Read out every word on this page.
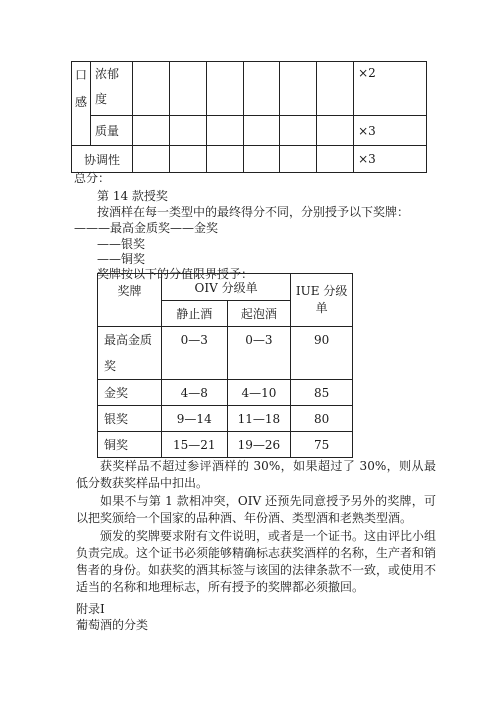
口
感	浓郁
度							×2
	质量							×3
协调性								×3
总分：
第 14 款授奖
按酒样在每一类型中的最终得分不同，分别授予以下奖牌：
———最高金质奖——金奖
——银奖
——铜奖
奖牌按以下的分值限界授予：
奖牌	OIV 分级单		IUE 分级单
	静止酒	起泡酒	
最高金质
奖	0—3	0—3	90
金奖	4—8	4—10	85
银奖	9—14	11—18	80
铜奖	15—21	19—26	75
获奖样品不超过参评酒样的 30%，如果超过了 30%，则从最低分数获奖样品中扣出。
如果不与第 1 款相冲突，OIV 还预先同意授予另外的奖牌，可以把奖颁给一个国家的品种酒、年份酒、类型酒和老熟类型酒。
颁发的奖牌要求附有文件说明，或者是一个证书。这由评比小组负责完成。这个证书必须能够精确标志获奖酒样的名称，生产者和销售者的身份。如获奖的酒其标签与该国的法律条款不一致，或使用不适当的名称和地理标志，所有授予的奖牌都必须撤回。
附录Ⅰ
葡萄酒的分类
